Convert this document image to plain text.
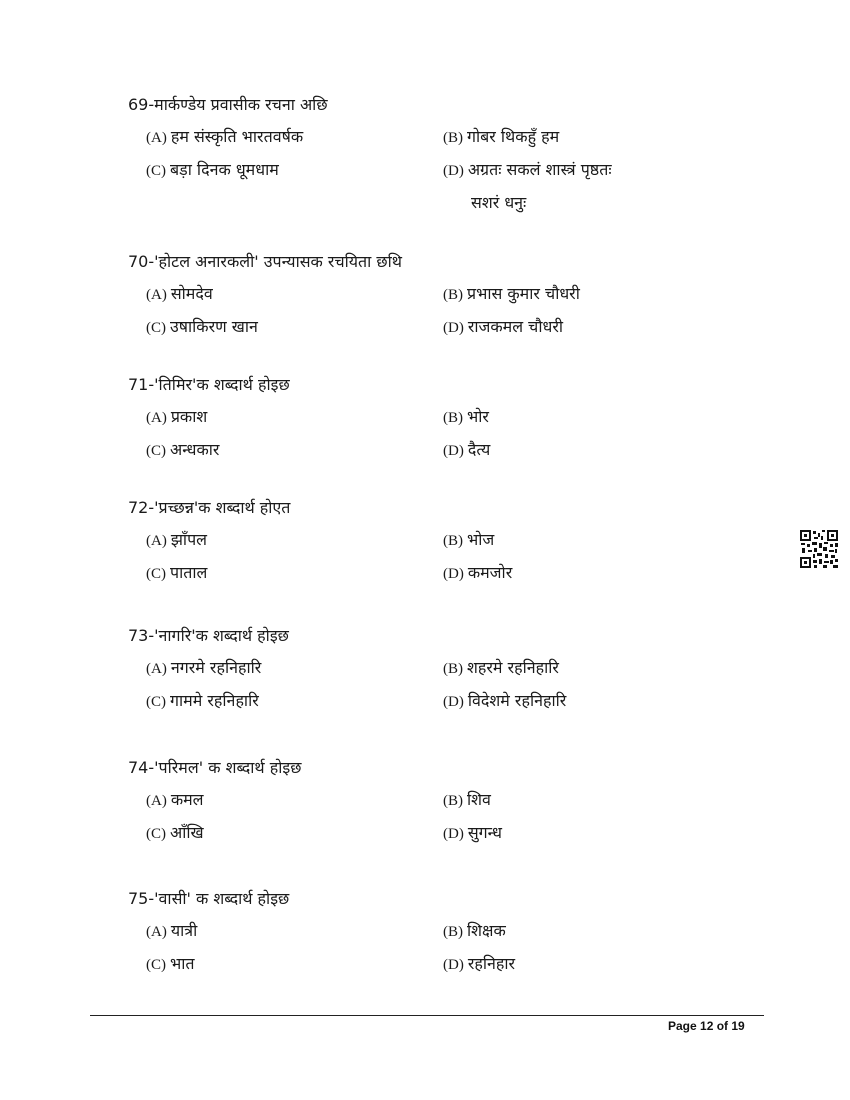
69-मार्कण्डेय प्रवासीक रचना अछि
(A) हम संस्कृति भारतवर्षक	(B) गोबर थिकहुँ हम
(C) बड़ा दिनक धूमधाम	(D) अग्रतः सकलं शास्त्रं पृष्ठतः
सशरं धनुः
70-'होटल अनारकली' उपन्यासक रचयिता छथि
(A) सोमदेव	(B) प्रभास कुमार चौधरी
(C) उषाकिरण खान	(D) राजकमल चौधरी
71-'तिमिर'क शब्दार्थ होइछ
(A) प्रकाश	(B) भोर
(C) अन्धकार	(D) दैत्य
72-'प्रच्छन्न'क शब्दार्थ होएत
(A) झाँपल	(B) भोज
(C) पाताल	(D) कमजोर
73-'नागरि'क शब्दार्थ होइछ
(A) नगरमे रहनिहारि	(B) शहरमे रहनिहारि
(C) गाममे रहनिहारि	(D) विदेशमे रहनिहारि
74-'परिमल' क शब्दार्थ होइछ
(A) कमल	(B) शिव
(C) आँखि	(D) सुगन्ध
75-'वासी' क शब्दार्थ होइछ
(A) यात्री	(B) शिक्षक
(C) भात	(D) रहनिहार
Page 12 of 19
